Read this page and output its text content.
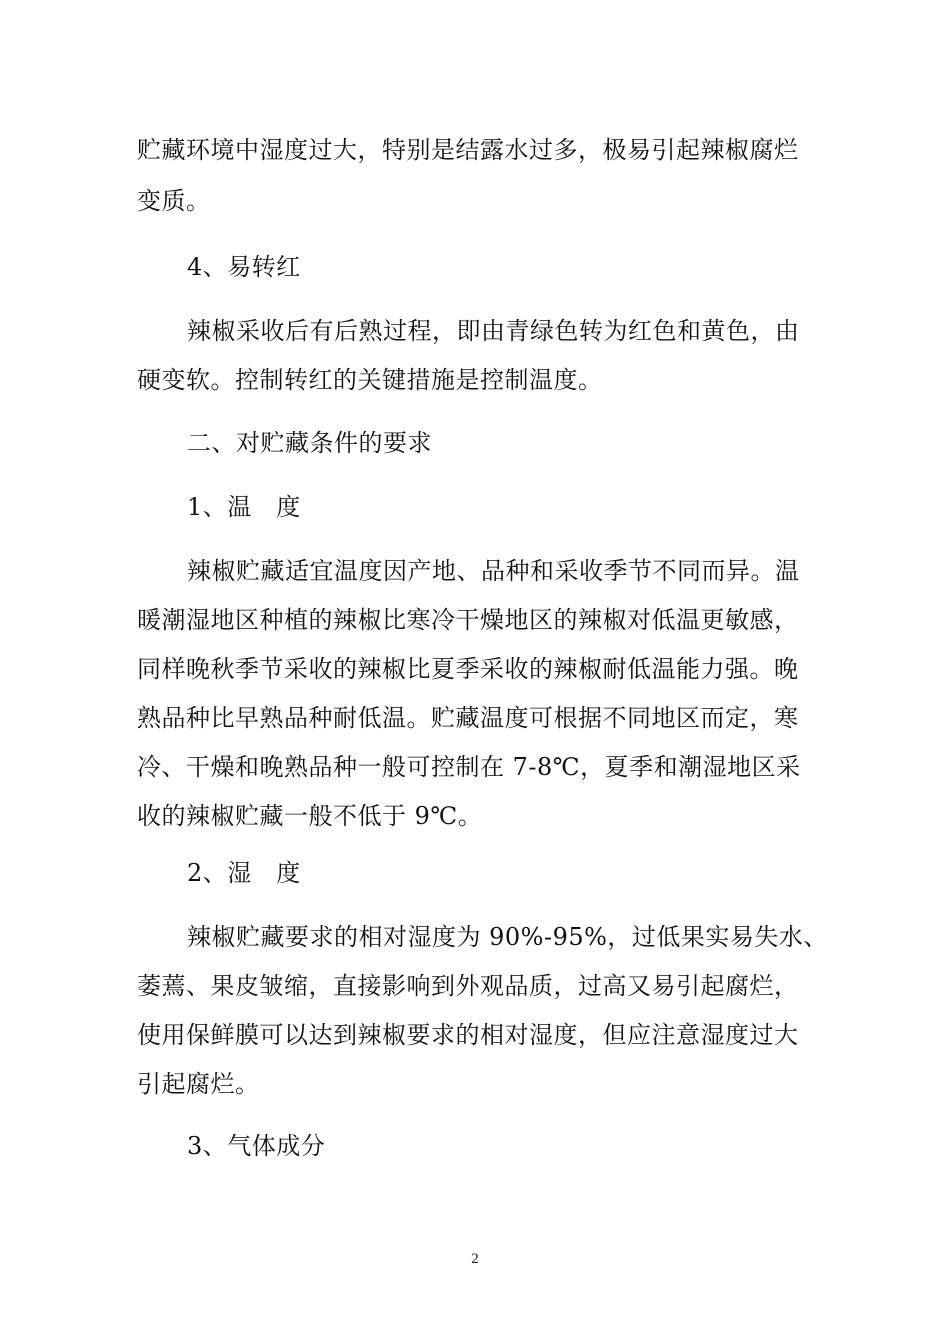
贮藏环境中湿度过大，特别是结露水过多，极易引起辣椒腐烂
变质。
4、易转红
辣椒采收后有后熟过程，即由青绿色转为红色和黄色，由
硬变软。控制转红的关键措施是控制温度。
二、对贮藏条件的要求
1、温　度
辣椒贮藏适宜温度因产地、品种和采收季节不同而异。温
暖潮湿地区种植的辣椒比寒冷干燥地区的辣椒对低温更敏感，
同样晚秋季节采收的辣椒比夏季采收的辣椒耐低温能力强。晚
熟品种比早熟品种耐低温。贮藏温度可根据不同地区而定，寒
冷、干燥和晚熟品种一般可控制在 7-8℃，夏季和潮湿地区采
收的辣椒贮藏一般不低于 9℃。
2、湿　度
辣椒贮藏要求的相对湿度为 90%-95%，过低果实易失水、
萎蔫、果皮皱缩，直接影响到外观品质，过高又易引起腐烂，
使用保鲜膜可以达到辣椒要求的相对湿度，但应注意湿度过大
引起腐烂。
3、气体成分
2
